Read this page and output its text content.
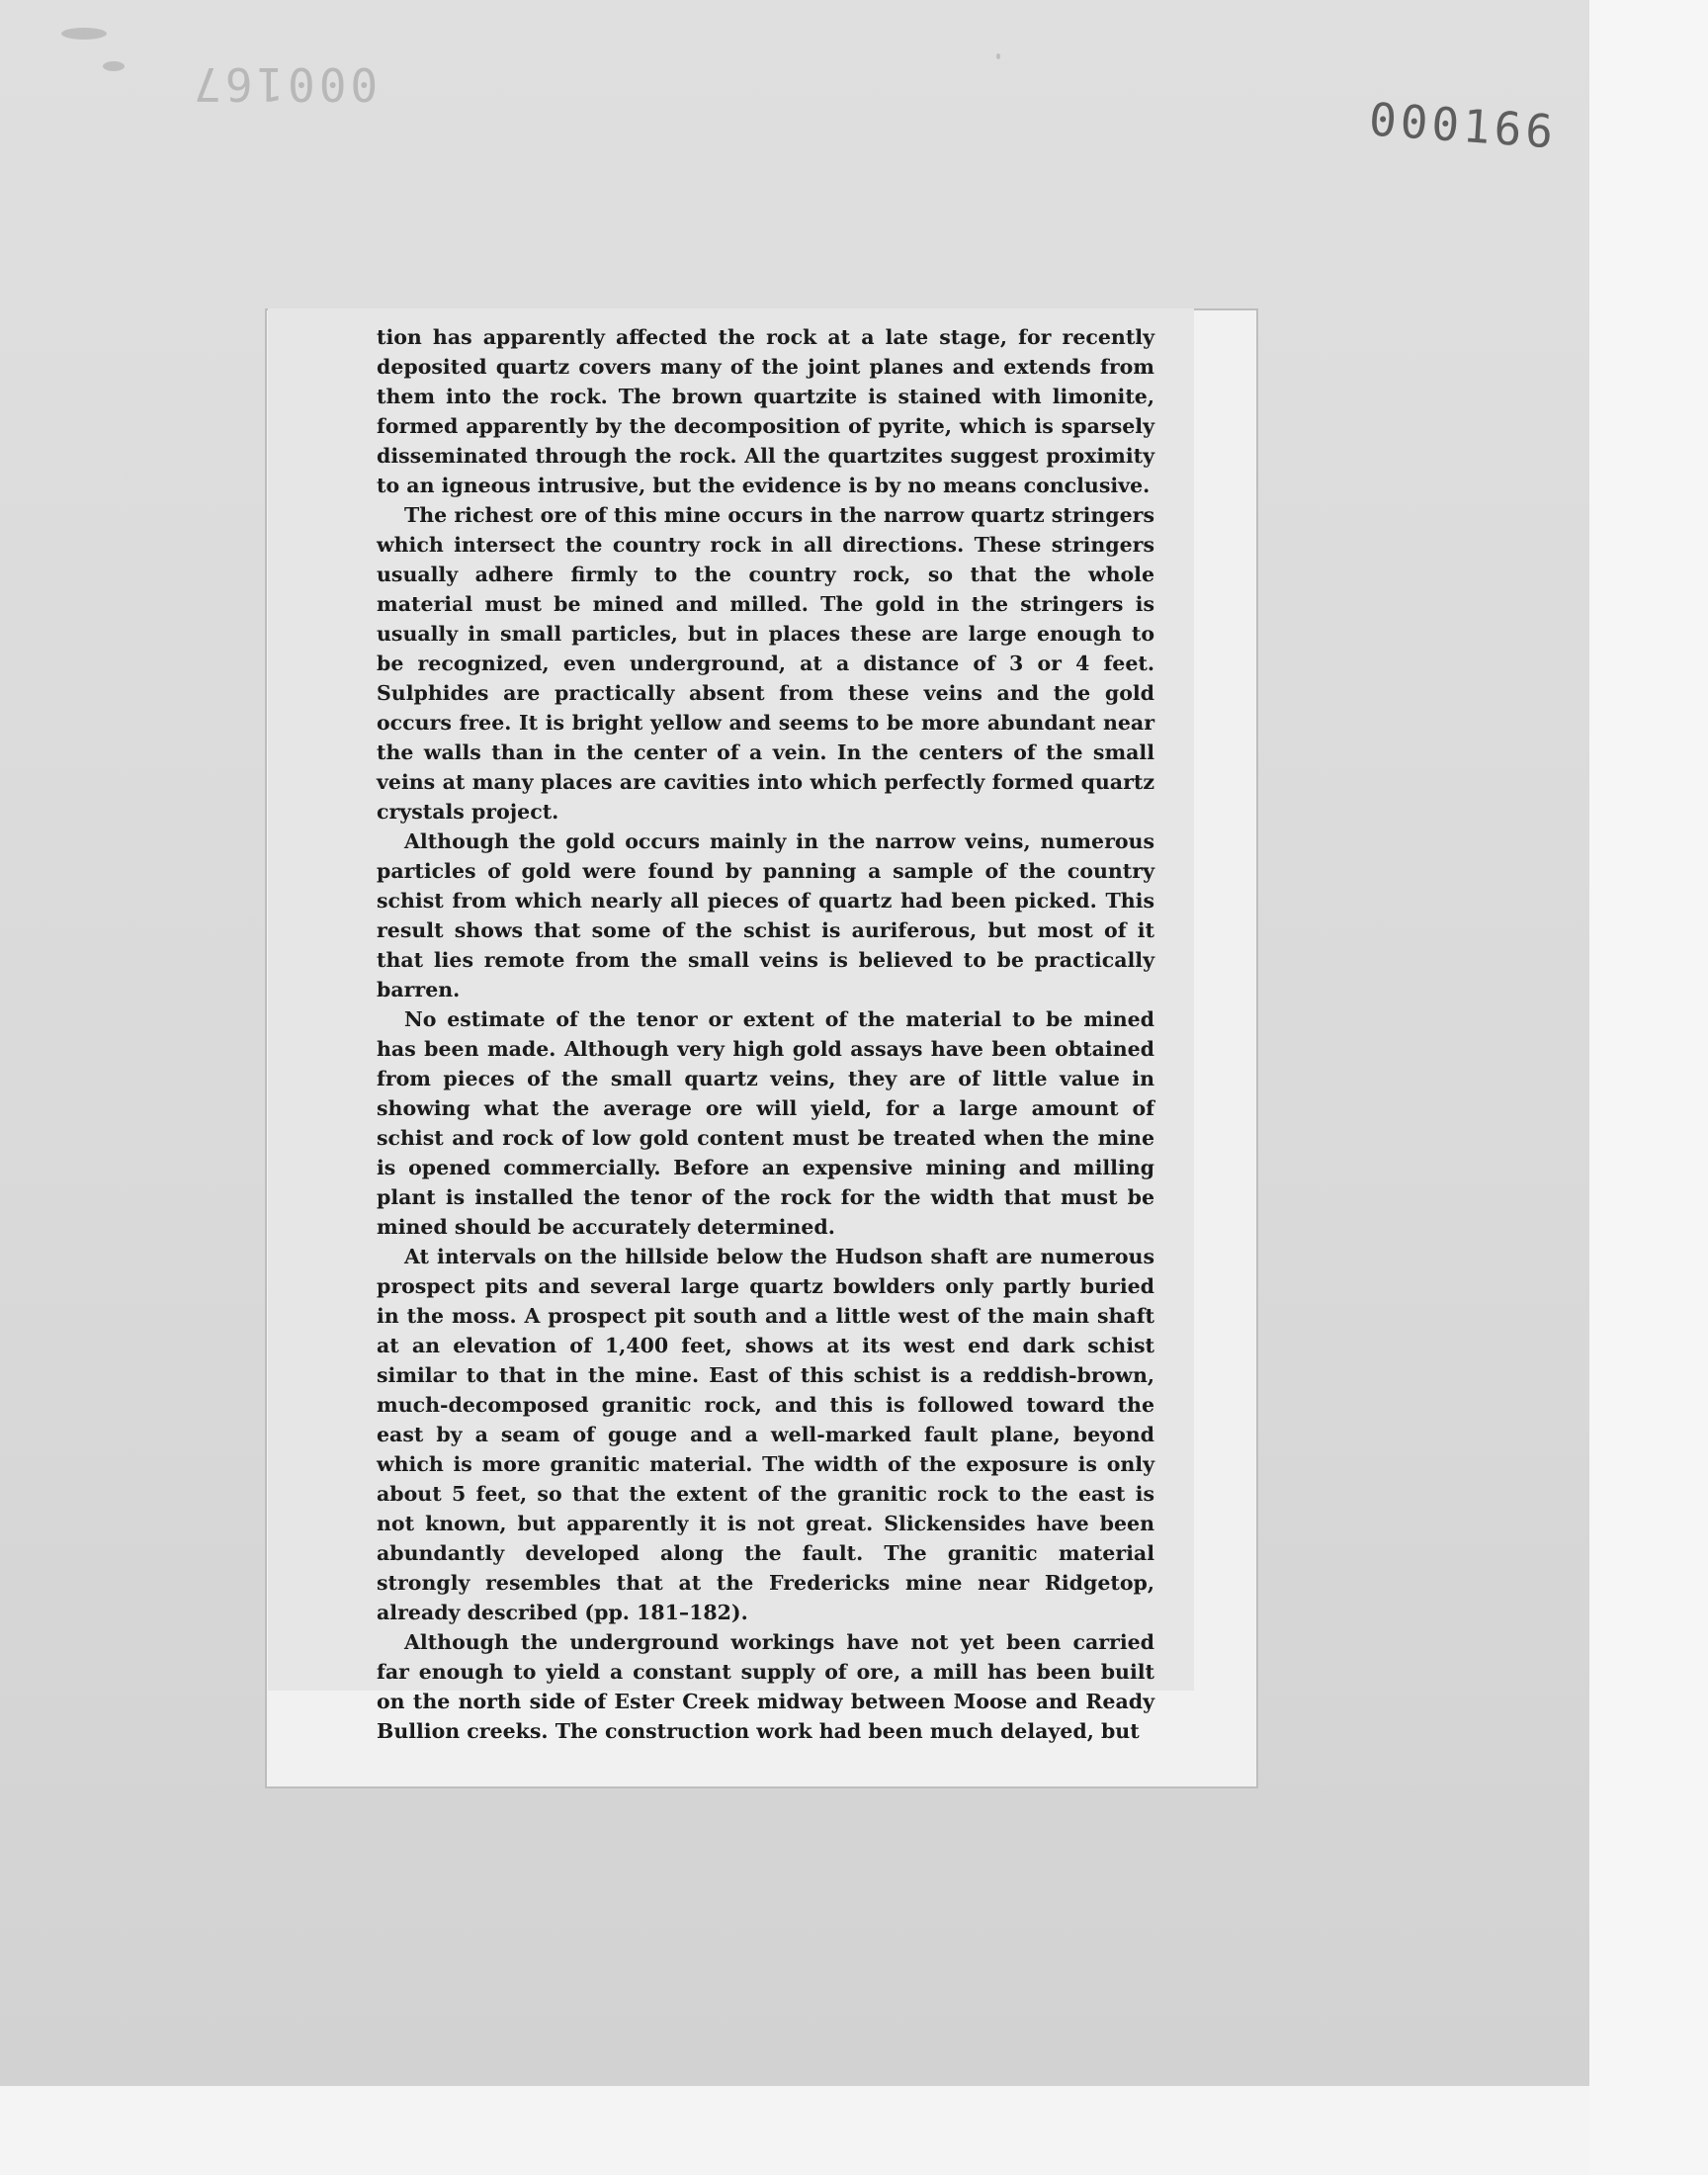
000167
000166

tion has apparently affected the rock at a late stage, for recently deposited quartz covers many of the joint planes and extends from them into the rock. The brown quartzite is stained with limonite, formed apparently by the decomposition of pyrite, which is sparsely disseminated through the rock. All the quartzites suggest proximity to an igneous intrusive, but the evidence is by no means conclusive.

The richest ore of this mine occurs in the narrow quartz stringers which intersect the country rock in all directions. These stringers usually adhere firmly to the country rock, so that the whole material must be mined and milled. The gold in the stringers is usually in small particles, but in places these are large enough to be recognized, even underground, at a distance of 3 or 4 feet. Sulphides are practically absent from these veins and the gold occurs free. It is bright yellow and seems to be more abundant near the walls than in the center of a vein. In the centers of the small veins at many places are cavities into which perfectly formed quartz crystals project.

Although the gold occurs mainly in the narrow veins, numerous particles of gold were found by panning a sample of the country schist from which nearly all pieces of quartz had been picked. This result shows that some of the schist is auriferous, but most of it that lies remote from the small veins is believed to be practically barren.

No estimate of the tenor or extent of the material to be mined has been made. Although very high gold assays have been obtained from pieces of the small quartz veins, they are of little value in showing what the average ore will yield, for a large amount of schist and rock of low gold content must be treated when the mine is opened commercially. Before an expensive mining and milling plant is installed the tenor of the rock for the width that must be mined should be accurately determined.

At intervals on the hillside below the Hudson shaft are numerous prospect pits and several large quartz bowlders only partly buried in the moss. A prospect pit south and a little west of the main shaft at an elevation of 1,400 feet, shows at its west end dark schist similar to that in the mine. East of this schist is a reddish-brown, much-decomposed granitic rock, and this is followed toward the east by a seam of gouge and a well-marked fault plane, beyond which is more granitic material. The width of the exposure is only about 5 feet, so that the extent of the granitic rock to the east is not known, but apparently it is not great. Slickensides have been abundantly developed along the fault. The granitic material strongly resembles that at the Fredericks mine near Ridgetop, already described (pp. 181–182).

Although the underground workings have not yet been carried far enough to yield a constant supply of ore, a mill has been built on the north side of Ester Creek midway between Moose and Ready Bullion creeks. The construction work had been much delayed, but
